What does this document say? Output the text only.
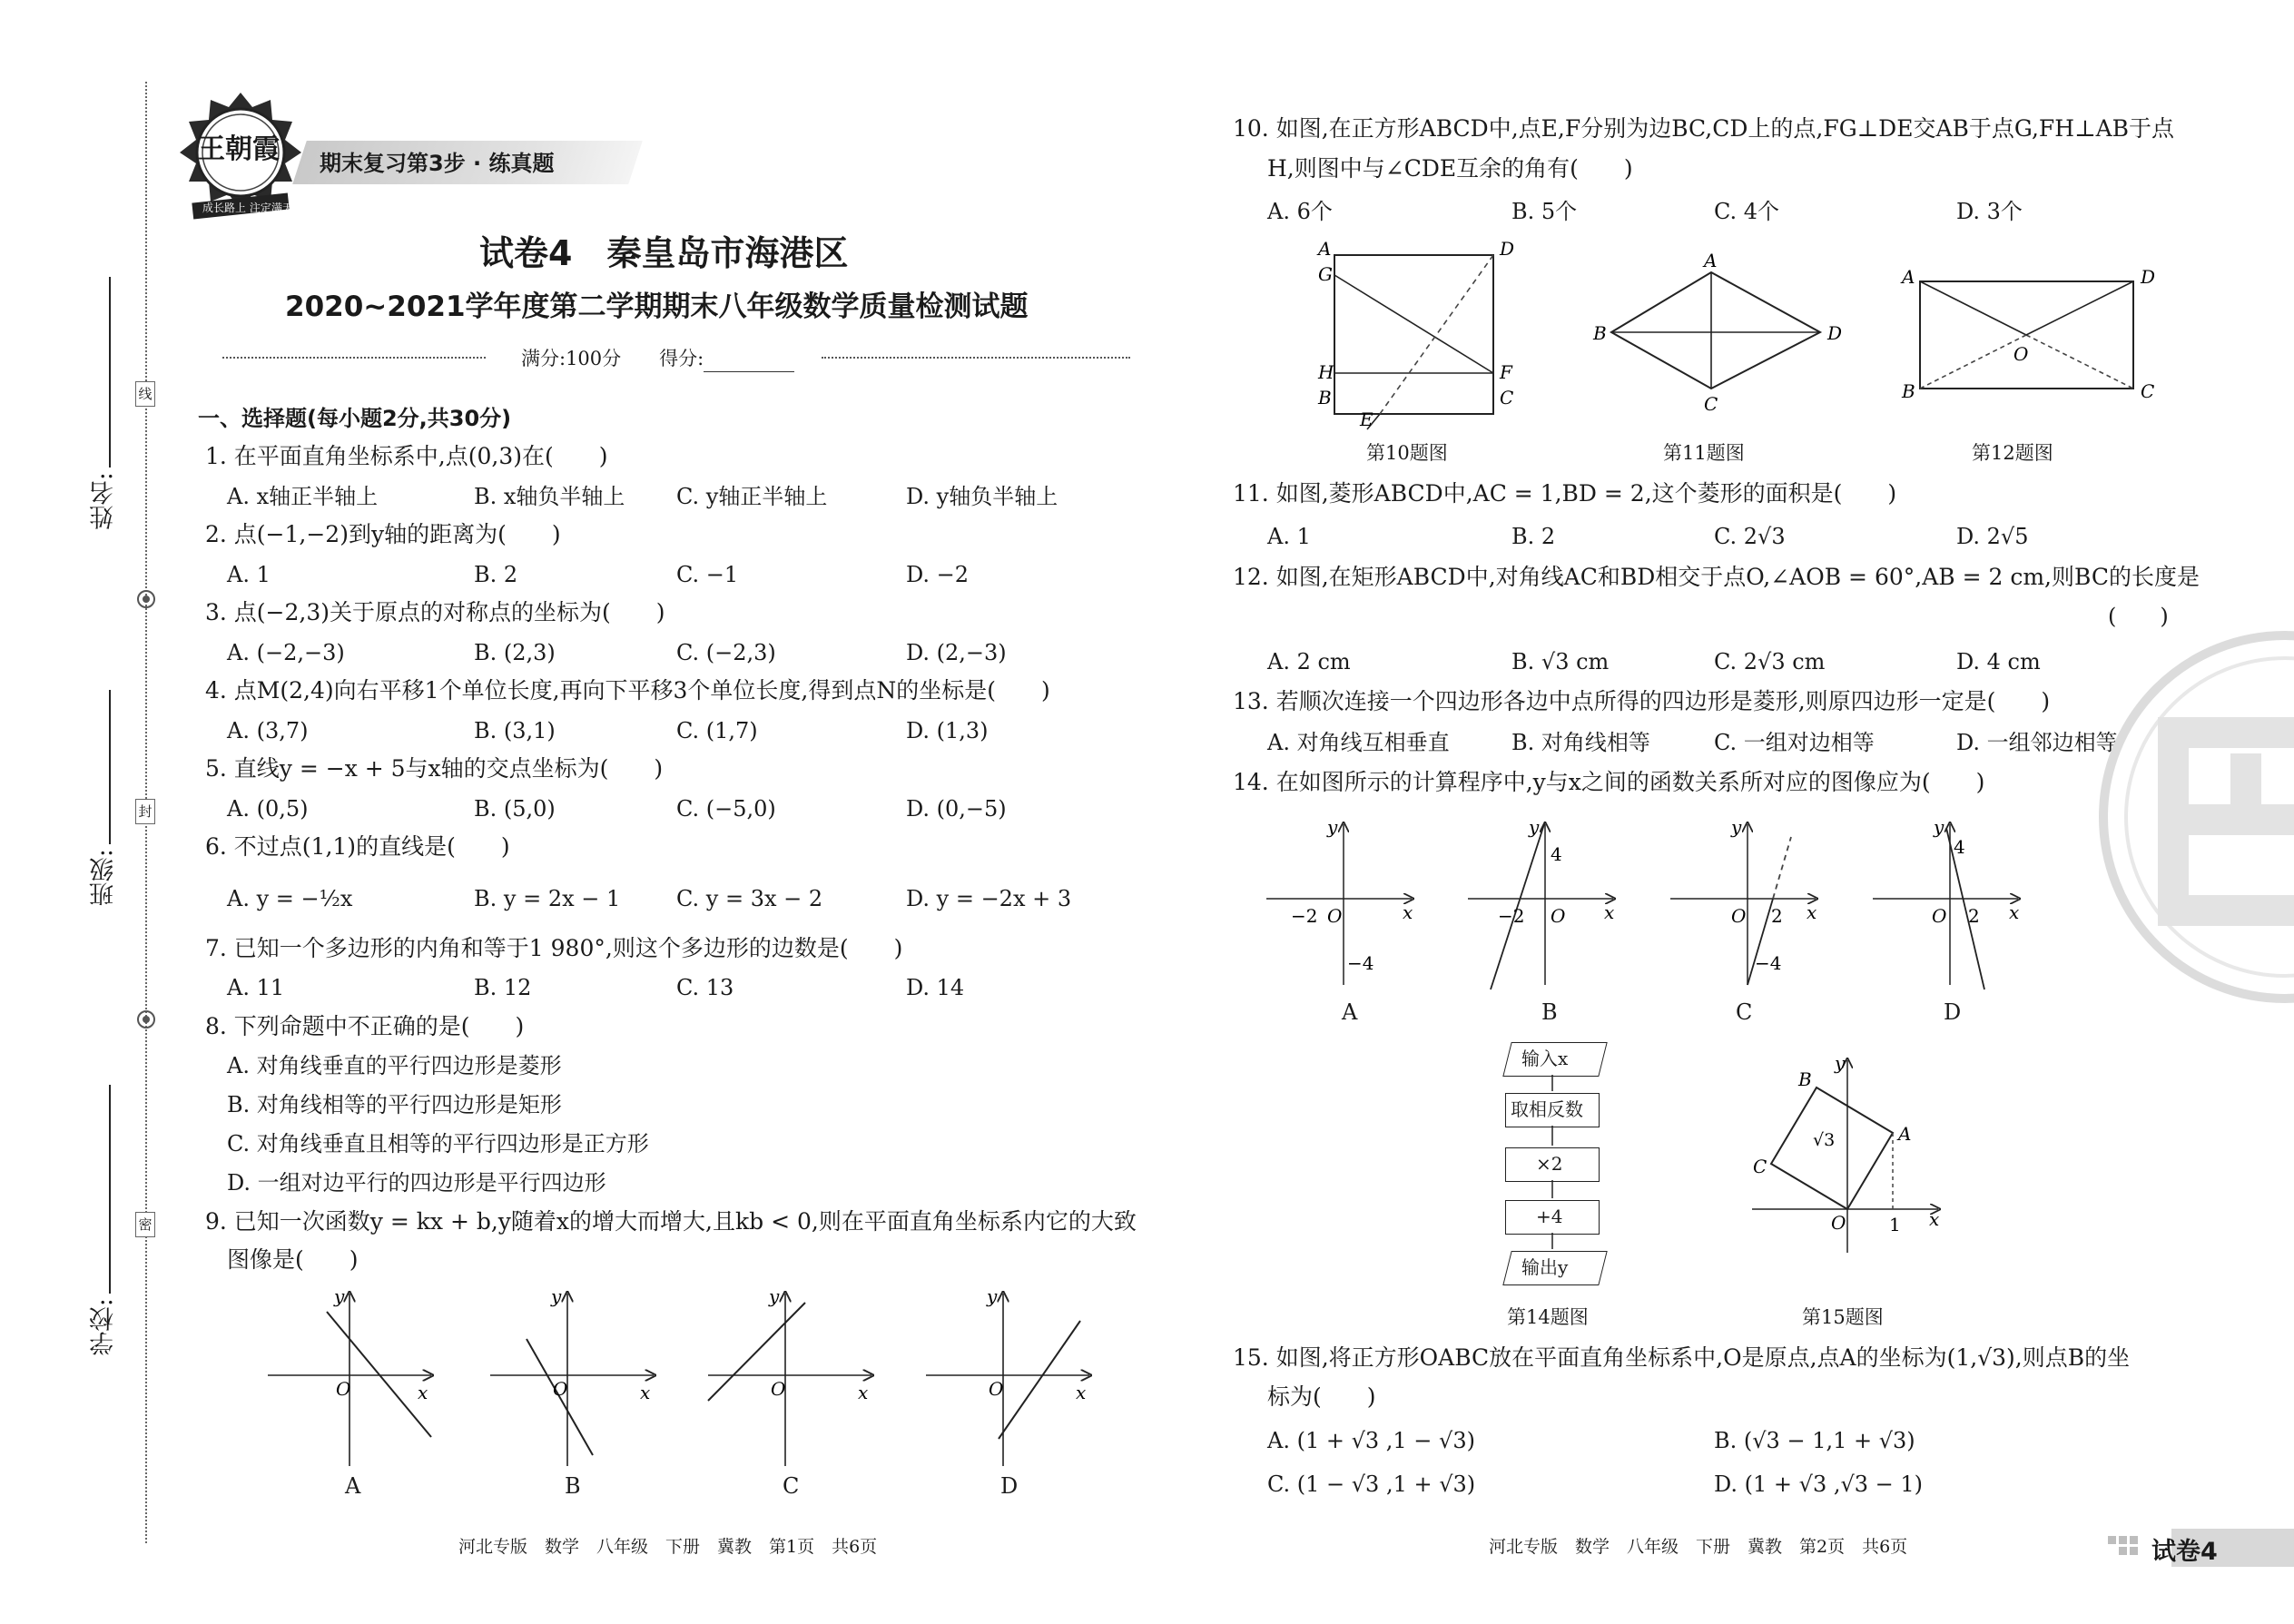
姓名:
班级:
学校:
线
封
密
王朝霞
成长路上 注定满天
期末复习第3步 · 练真题
试卷4　秦皇岛市海港区
2020~2021学年度第二学期期末八年级数学质量检测试题
满分:100分　　得分:
一、选择题(每小题2分,共30分)
1. 在平面直角坐标系中,点(0,3)在(　　)
A. x轴正半轴上	B. x轴负半轴上 C. y轴正半轴上	D. y轴负半轴上
2. 点(−1,−2)到y轴的距离为(　　)
A. 1	B. 2	C. −1	D. −2
3. 点(−2,3)关于原点的对称点的坐标为(　　)
A. (−2,−3)	B. (2,3)	C. (−2,3)	D. (2,−3)
4. 点M(2,4)向右平移1个单位长度,再向下平移3个单位长度,得到点N的坐标是(　　)
A. (3,7)	B. (3,1)	C. (1,7)	D. (1,3)
5. 直线y = −x + 5与x轴的交点坐标为(　　)
A. (0,5)	B. (5,0)	C. (−5,0)	D. (0,−5)
6. 不过点(1,1)的直线是(　　)
A. y = −½x	B. y = 2x − 1	C. y = 3x − 2	D. y = −2x + 3
7. 已知一个多边形的内角和等于1 980°,则这个多边形的边数是(　　)
A. 11	B. 12	C. 13	D. 14
8. 下列命题中不正确的是(　　)
A. 对角线垂直的平行四边形是菱形
B. 对角线相等的平行四边形是矩形
C. 对角线垂直且相等的平行四边形是正方形
D. 一组对边平行的四边形是平行四边形
9. 已知一次函数y = kx + b,y随着x的增大而增大,且kb < 0,则在平面直角坐标系内它的大致
图像是(　　)
O	x
y
A
O	x
y
B
O	x
y
C
O	x
y
D
河北专版　数学　八年级　下册　冀教　第1页　共6页
10. 如图,在正方形ABCD中,点E,F分别为边BC,CD上的点,FG⊥DE交AB于点G,FH⊥AB于点
H,则图中与∠CDE互余的角有(　　)
A. 6个	B. 5个	C. 4个	D. 3个
A
G
H
B
D
F
C
E
第10题图
A
B	D
C
第11题图
A	D
B	C
O
第12题图
11. 如图,菱形ABCD中,AC = 1,BD = 2,这个菱形的面积是(　　)
A. 1	B. 2	C. 2√3	D. 2√5
12. 如图,在矩形ABCD中,对角线AC和BD相交于点O,∠AOB = 60°,AB = 2 cm,则BC的长度是
(　　)
A. 2 cm	B. √3 cm	C. 2√3 cm	D. 4 cm
13. 若顺次连接一个四边形各边中点所得的四边形是菱形,则原四边形一定是(　　)
A. 对角线互相垂直	B. 对角线相等	C. 一组对边相等	D. 一组邻边相等
14. 在如图所示的计算程序中,y与x之间的函数关系所对应的图像应为(　　)
−2 O	x
y
−4
A
−2 O x
y
4
B
O 2 x
y
−4
C
O 2 x
y
4
D
输入x
取相反数
×2
+4
输出y
第14题图
O 1 x
y
A
B
C
√3
第15题图
15. 如图,将正方形OABC放在平面直角坐标系中,O是原点,点A的坐标为(1,√3),则点B的坐
标为(　　)
A. (1 + √3 ,1 − √3)	B. (√3 − 1,1 + √3)
C. (1 − √3 ,1 + √3)	D. (1 + √3 ,√3 − 1)
河北专版　数学　八年级　下册　冀教　第2页　共6页	试卷4
